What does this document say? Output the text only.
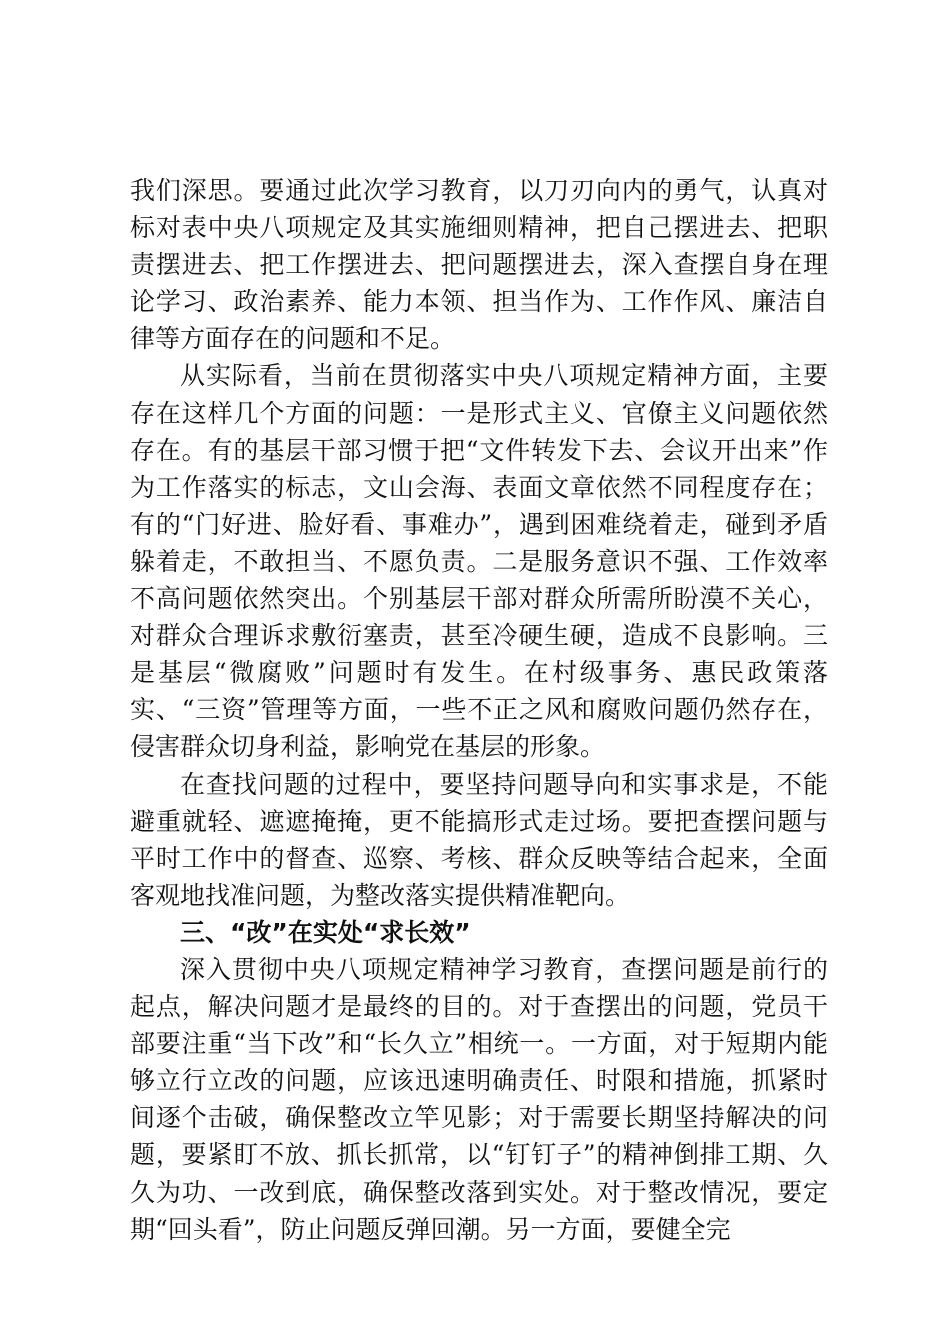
我们深思。要通过此次学习教育，以刀刃向内的勇气，认真对标对表中央八项规定及其实施细则精神，把自己摆进去、把职责摆进去、把工作摆进去、把问题摆进去，深入查摆自身在理论学习、政治素养、能力本领、担当作为、工作作风、廉洁自律等方面存在的问题和不足。

从实际看，当前在贯彻落实中央八项规定精神方面，主要存在这样几个方面的问题：一是形式主义、官僚主义问题依然存在。有的基层干部习惯于把“文件转发下去、会议开出来”作为工作落实的标志，文山会海、表面文章依然不同程度存在；有的“门好进、脸好看、事难办”，遇到困难绕着走，碰到矛盾躲着走，不敢担当、不愿负责。二是服务意识不强、工作效率不高问题依然突出。个别基层干部对群众所需所盼漠不关心，对群众合理诉求敷衍塞责，甚至冷硬生硬，造成不良影响。三是基层“微腐败”问题时有发生。在村级事务、惠民政策落实、“三资”管理等方面，一些不正之风和腐败问题仍然存在，侵害群众切身利益，影响党在基层的形象。

在查找问题的过程中，要坚持问题导向和实事求是，不能避重就轻、遮遮掩掩，更不能搞形式走过场。要把查摆问题与平时工作中的督查、巡察、考核、群众反映等结合起来，全面客观地找准问题，为整改落实提供精准靶向。

三、“改”在实处“求长效”

深入贯彻中央八项规定精神学习教育，查摆问题是前行的起点，解决问题才是最终的目的。对于查摆出的问题，党员干部要注重“当下改”和“长久立”相统一。一方面，对于短期内能够立行立改的问题，应该迅速明确责任、时限和措施，抓紧时间逐个击破，确保整改立竿见影；对于需要长期坚持解决的问题，要紧盯不放、抓长抓常，以“钉钉子”的精神倒排工期、久久为功、一改到底，确保整改落到实处。对于整改情况，要定期“回头看”，防止问题反弹回潮。另一方面，要健全完
